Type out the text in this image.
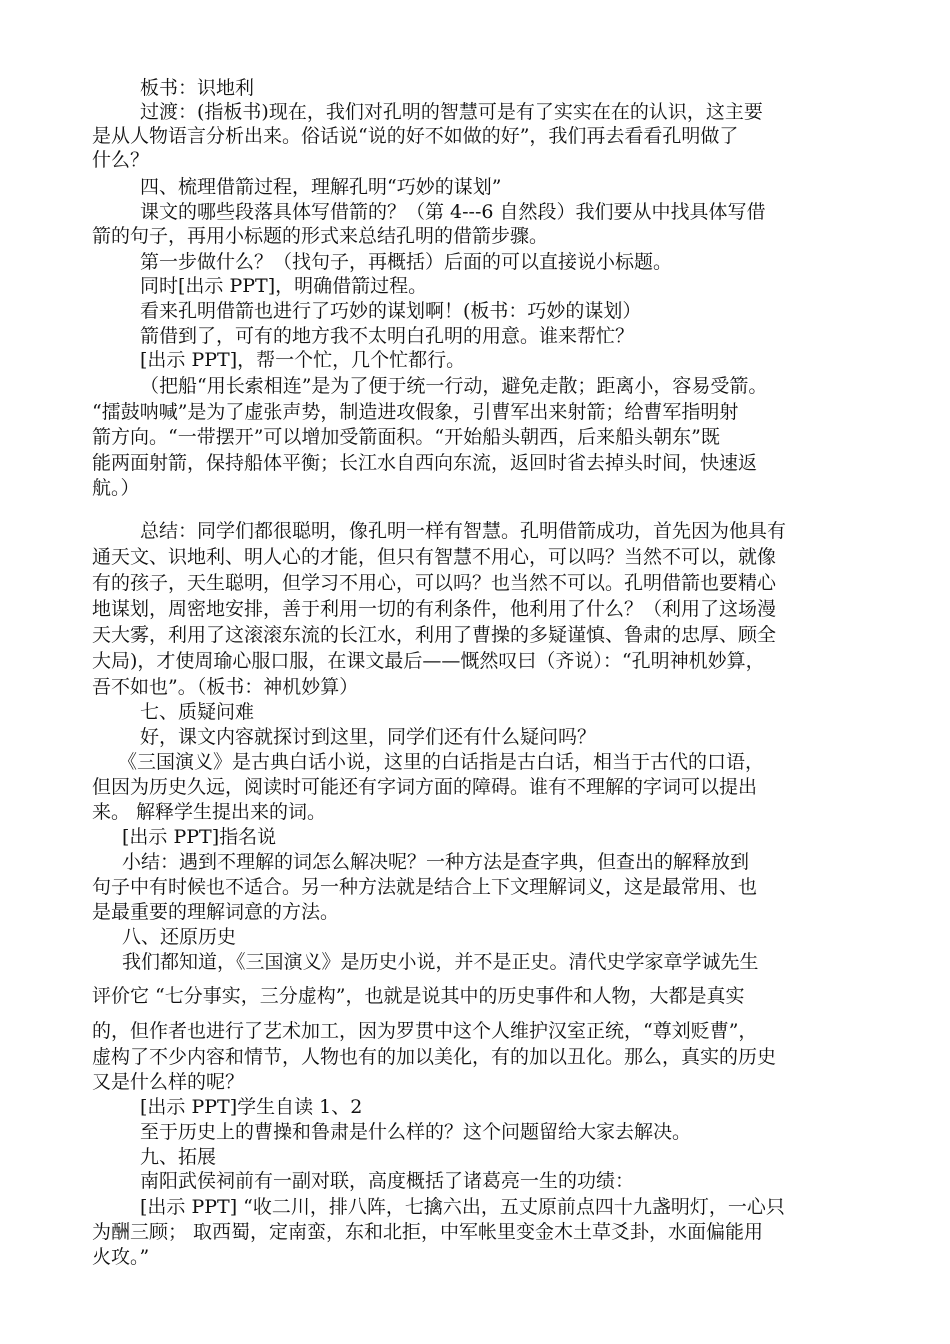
板书：识地利
过渡：(指板书)现在，我们对孔明的智慧可是有了实实在在的认识，这主要
是从人物语言分析出来。俗话说“说的好不如做的好”，我们再去看看孔明做了
什么？
四、梳理借箭过程，理解孔明“巧妙的谋划”
课文的哪些段落具体写借箭的？（第 4---6 自然段）我们要从中找具体写借
箭的句子，再用小标题的形式来总结孔明的借箭步骤。
第一步做什么？（找句子，再概括）后面的可以直接说小标题。
同时[出示 PPT]，明确借箭过程。
看来孔明借箭也进行了巧妙的谋划啊！(板书：巧妙的谋划）
箭借到了，可有的地方我不太明白孔明的用意。谁来帮忙？
[出示 PPT]，帮一个忙，几个忙都行。
（把船“用长索相连”是为了便于统一行动，避免走散；距离小，容易受箭。
“擂鼓呐喊”是为了虚张声势，制造进攻假象，引曹军出来射箭；给曹军指明射
箭方向。“一带摆开”可以增加受箭面积。“开始船头朝西，后来船头朝东”既
能两面射箭，保持船体平衡；长江水自西向东流，返回时省去掉头时间，快速返
航。）
总结：同学们都很聪明，像孔明一样有智慧。孔明借箭成功，首先因为他具有
通天文、识地利、明人心的才能，但只有智慧不用心，可以吗？当然不可以，就像
有的孩子，天生聪明，但学习不用心，可以吗？也当然不可以。孔明借箭也要精心
地谋划，周密地安排，善于利用一切的有利条件，他利用了什么？（利用了这场漫
天大雾，利用了这滚滚东流的长江水，利用了曹操的多疑谨慎、鲁肃的忠厚、顾全
大局)，才使周瑜心服口服，在课文最后——慨然叹曰（齐说）：“孔明神机妙算，
吾不如也”。（板书：神机妙算）
七、质疑问难
好，课文内容就探讨到这里，同学们还有什么疑问吗？
《三国演义》是古典白话小说，这里的白话指是古白话，相当于古代的口语，
但因为历史久远，阅读时可能还有字词方面的障碍。谁有不理解的字词可以提出
来。 解释学生提出来的词。
[出示 PPT]指名说
小结：遇到不理解的词怎么解决呢？一种方法是查字典，但查出的解释放到
句子中有时候也不适合。另一种方法就是结合上下文理解词义，这是最常用、也
是最重要的理解词意的方法。
八、还原历史
我们都知道，《三国演义》是历史小说，并不是正史。清代史学家章学诚先生
评价它 “七分事实，三分虚构”，也就是说其中的历史事件和人物，大都是真实
的，但作者也进行了艺术加工，因为罗贯中这个人维护汉室正统，“尊刘贬曹”，
虚构了不少内容和情节，人物也有的加以美化，有的加以丑化。那么，真实的历史
又是什么样的呢？
[出示 PPT]学生自读 1、2
至于历史上的曹操和鲁肃是什么样的？这个问题留给大家去解决。
九、拓展
南阳武侯祠前有一副对联，高度概括了诸葛亮一生的功绩：
[出示 PPT] “收二川，排八阵，七擒六出，五丈原前点四十九盏明灯，一心只
为酬三顾； 取西蜀，定南蛮，东和北拒，中军帐里变金木土草爻卦，水面偏能用
火攻。”
